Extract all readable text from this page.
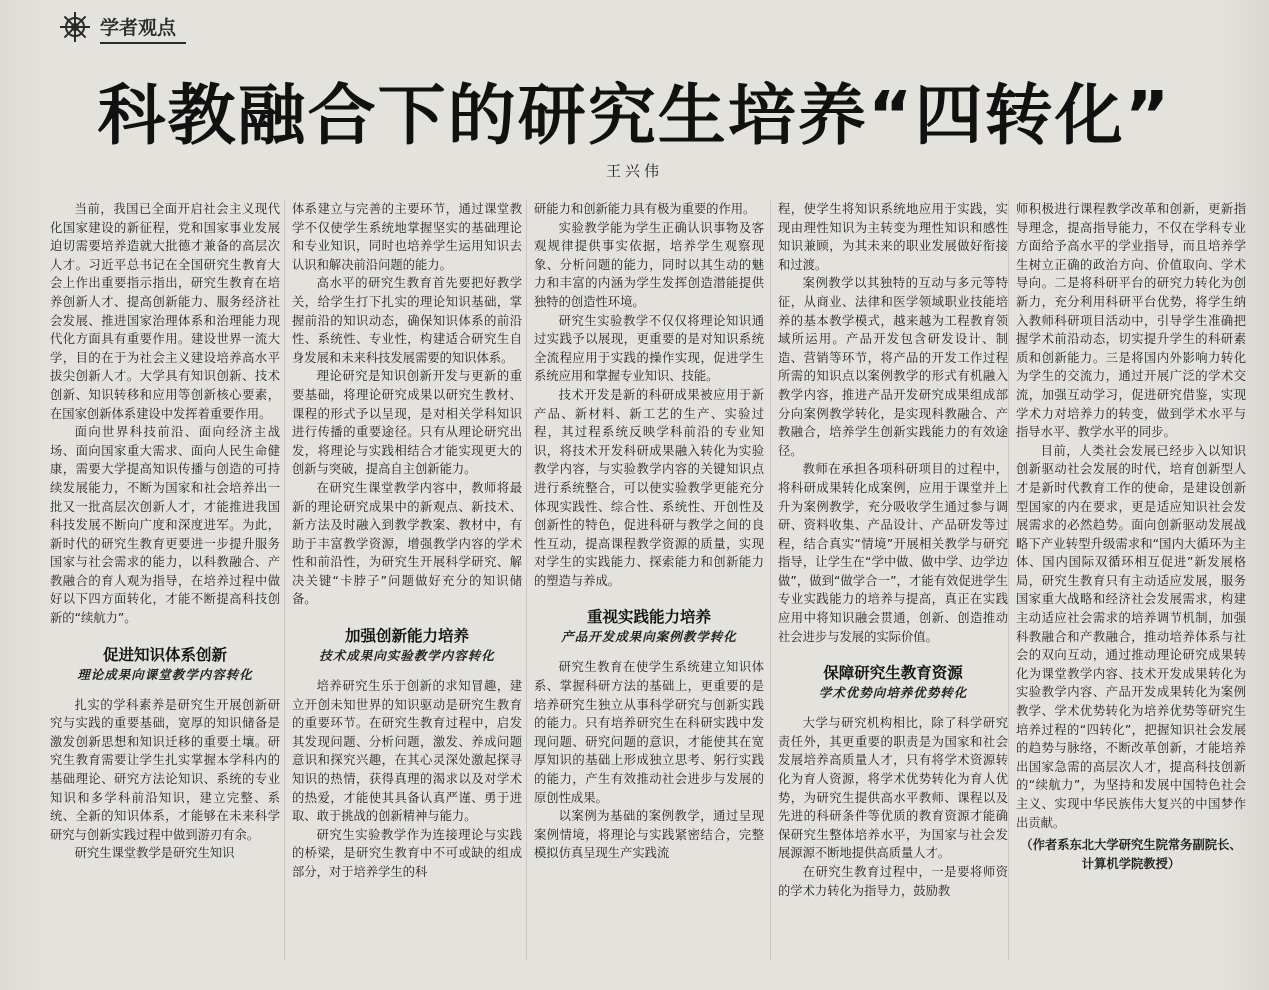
学者观点
科教融合下的研究生培养“四转化”
王兴伟

当前，我国已全面开启社会主义现代化国家建设的新征程，党和国家事业发展迫切需要培养造就大批德才兼备的高层次人才。习近平总书记在全国研究生教育大会上作出重要指示指出，研究生教育在培养创新人才、提高创新能力、服务经济社会发展、推进国家治理体系和治理能力现代化方面具有重要作用。建设世界一流大学，目的在于为社会主义建设培养高水平拔尖创新人才。大学具有知识创新、技术创新、知识转移和应用等创新核心要素，在国家创新体系建设中发挥着重要作用。

面向世界科技前沿、面向经济主战场、面向国家重大需求、面向人民生命健康，需要大学提高知识传播与创造的可持续发展能力，不断为国家和社会培养出一批又一批高层次创新人才，才能推进我国科技发展不断向广度和深度进军。为此，新时代的研究生教育更要进一步提升服务国家与社会需求的能力，以科教融合、产教融合的育人观为指导，在培养过程中做好以下四方面转化，才能不断提高科技创新的“续航力”。

促进知识体系创新
理论成果向课堂教学内容转化

扎实的学科素养是研究生开展创新研究与实践的重要基础，宽厚的知识储备是激发创新思想和知识迁移的重要土壤。研究生教育需要让学生扎实掌握本学科内的基础理论、研究方法论知识、系统的专业知识和多学科前沿知识，建立完整、系统、全新的知识体系，才能够在未来科学研究与创新实践过程中做到游刃有余。

研究生课堂教学是研究生知识

体系建立与完善的主要环节，通过课堂教学不仅使学生系统地掌握坚实的基础理论和专业知识，同时也培养学生运用知识去认识和解决前沿问题的能力。

高水平的研究生教育首先要把好教学关，给学生打下扎实的理论知识基础，掌握前沿的知识动态，确保知识体系的前沿性、系统性、专业性，构建适合研究生自身发展和未来科技发展需要的知识体系。

理论研究是知识创新开发与更新的重要基础，将理论研究成果以研究生教材、课程的形式予以呈现，是对相关学科知识进行传播的重要途径。只有从理论研究出发，将理论与实践相结合才能实现更大的创新与突破，提高自主创新能力。

在研究生课堂教学内容中，教师将最新的理论研究成果中的新观点、新技术、新方法及时融入到教学教案、教材中，有助于丰富教学资源，增强教学内容的学术性和前沿性，为研究生开展科学研究、解决关键“卡脖子”问题做好充分的知识储备。

加强创新能力培养
技术成果向实验教学内容转化

培养研究生乐于创新的求知冒趣，建立开创未知世界的知识驱动是研究生教育的重要环节。在研究生教育过程中，启发其发现问题、分析问题，激发、养成问题意识和探究兴趣，在其心灵深处激起探寻知识的热情，获得真理的渴求以及对学术的热爱，才能使其具备认真严谨、勇于进取、敢于挑战的创新精神与能力。

研究生实验教学作为连接理论与实践的桥梁，是研究生教育中不可或缺的组成部分，对于培养学生的科

研能力和创新能力具有极为重要的作用。

实验教学能为学生正确认识事物及客观规律提供事实依据，培养学生观察现象、分析问题的能力，同时以其生动的魅力和丰富的内涵为学生发挥创造潜能提供独特的创造性环境。

研究生实验教学不仅仅将理论知识通过实践予以展现，更重要的是对知识系统全流程应用于实践的操作实现，促进学生系统应用和掌握专业知识、技能。

技术开发是新的科研成果被应用于新产品、新材料、新工艺的生产、实验过程，其过程系统反映学科前沿的专业知识，将技术开发科研成果融入转化为实验教学内容，与实验教学内容的关键知识点进行系统整合，可以使实验教学更能充分体现实践性、综合性、系统性、开创性及创新性的特色，促进科研与教学之间的良性互动，提高课程教学资源的质量，实现对学生的实践能力、探索能力和创新能力的塑造与养成。

重视实践能力培养
产品开发成果向案例教学转化

研究生教育在使学生系统建立知识体系、掌握科研方法的基础上，更重要的是培养研究生独立从事科学研究与创新实践的能力。只有培养研究生在科研实践中发现问题、研究问题的意识，才能使其在宽厚知识的基础上形成独立思考、躬行实践的能力，产生有效推动社会进步与发展的原创性成果。

以案例为基础的案例教学，通过呈现案例情境，将理论与实践紧密结合，完整模拟仿真呈现生产实践流

程，使学生将知识系统地应用于实践，实现由理性知识为主转变为理性知识和感性知识兼顾，为其未来的职业发展做好衔接和过渡。

案例教学以其独特的互动与多元等特征，从商业、法律和医学领域职业技能培养的基本教学模式，越来越为工程教育领域所运用。产品开发包含研发设计、制造、营销等环节，将产品的开发工作过程所需的知识点以案例教学的形式有机融入教学内容，推进产品开发研究成果组成部分向案例教学转化，是实现科教融合、产教融合，培养学生创新实践能力的有效途径。

教师在承担各项科研项目的过程中，将科研成果转化成案例，应用于课堂并上升为案例教学，充分吸收学生通过参与调研、资料收集、产品设计、产品研发等过程，结合真实“情境”开展相关教学与研究指导，让学生在“学中做、做中学、边学边做”，做到“做学合一”，才能有效促进学生专业实践能力的培养与提高，真正在实践应用中将知识融会贯通，创新、创造推动社会进步与发展的实际价值。

保障研究生教育资源
学术优势向培养优势转化

大学与研究机构相比，除了科学研究责任外，其更重要的职责是为国家和社会发展培养高质量人才，只有将学术资源转化为育人资源，将学术优势转化为育人优势，为研究生提供高水平教师、课程以及先进的科研条件等优质的教育资源才能确保研究生整体培养水平，为国家与社会发展源源不断地提供高质量人才。

在研究生教育过程中，一是要将师资的学术力转化为指导力，鼓励教

师积极进行课程教学改革和创新，更新指导理念，提高指导能力，不仅在学科专业方面给予高水平的学业指导，而且培养学生树立正确的政治方向、价值取向、学术导向。二是将科研平台的研究力转化为创新力，充分利用科研平台优势，将学生纳入教师科研项目活动中，引导学生准确把握学术前沿动态，切实提升学生的科研素质和创新能力。三是将国内外影响力转化为学生的交流力，通过开展广泛的学术交流，加强互动学习，促进研究借鉴，实现学术力对培养力的转变，做到学术水平与指导水平、教学水平的同步。

目前，人类社会发展已经步入以知识创新驱动社会发展的时代，培育创新型人才是新时代教育工作的使命，是建设创新型国家的内在要求，更是适应知识社会发展需求的必然趋势。面向创新驱动发展战略下产业转型升级需求和“国内大循环为主体、国内国际双循环相互促进”新发展格局，研究生教育只有主动适应发展，服务国家重大战略和经济社会发展需求，构建主动适应社会需求的培养调节机制，加强科教融合和产教融合，推动培养体系与社会的双向互动，通过推动理论研究成果转化为课堂教学内容、技术开发成果转化为实验教学内容、产品开发成果转化为案例教学、学术优势转化为培养优势等研究生培养过程的“四转化”，把握知识社会发展的趋势与脉络，不断改革创新，才能培养出国家急需的高层次人才，提高科技创新的“续航力”，为坚持和发展中国特色社会主义、实现中华民族伟大复兴的中国梦作出贡献。

（作者系东北大学研究生院常务副院长、计算机学院教授）
